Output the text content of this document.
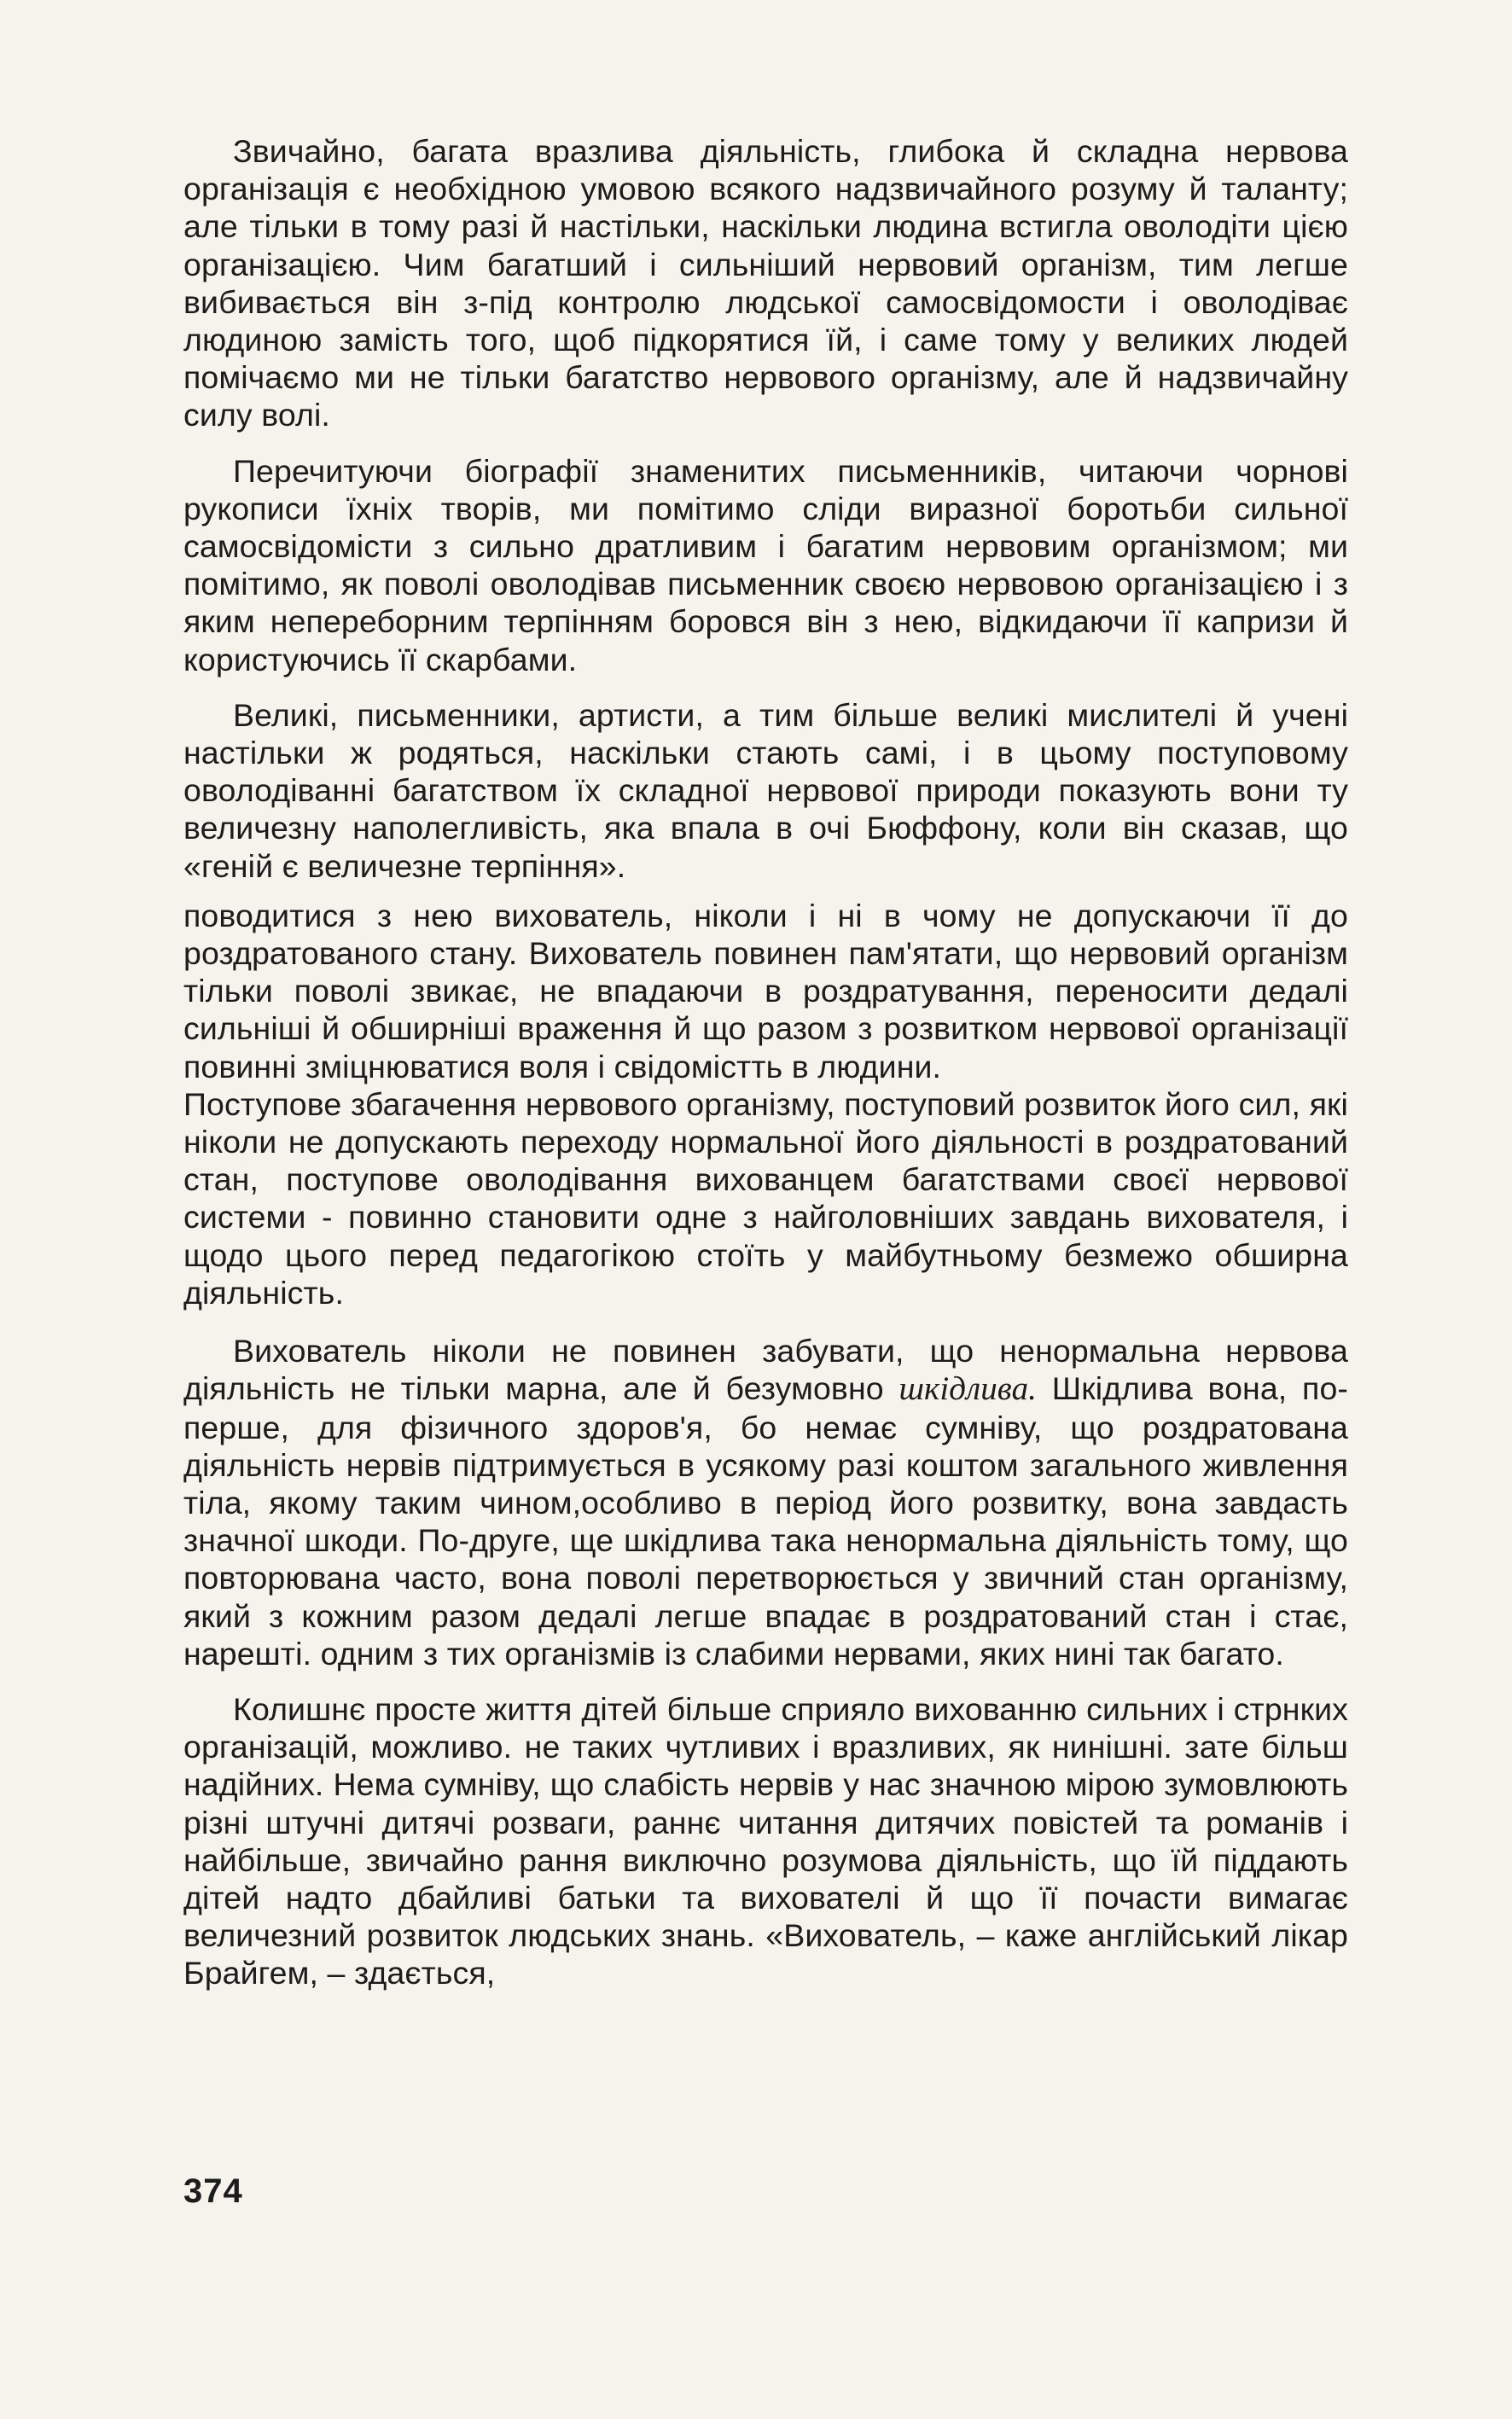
Звичайно, багата вразлива діяльність, глибока й складна нервова організація є необхідною умовою всякого надзвичайного розуму й таланту; але тільки в тому разі й настільки, наскільки людина встигла оволодіти цією організацією. Чим багатший і сильніший нервовий організм, тим легше вибивається він з-під контролю людської самосвідомости і оволодіває людиною замість того, щоб підкорятися їй, і саме тому у великих людей помічаємо ми не тільки багатство нервового організму, але й надзвичайну силу волі.

Перечитуючи біографії знаменитих письменників, читаючи чорнові рукописи їхніх творів, ми помітимо сліди виразної боротьби сильної самосвідомісти з сильно дратливим і багатим нервовим організмом; ми помітимо, як поволі оволодівав письменник своєю нервовою організацією і з яким непереборним терпінням боровся він з нею, відкидаючи її капризи й користуючись її скарбами.

Великі, письменники, артисти, а тим більше великі мислителі й учені настільки ж родяться, наскільки стають самі, і в цьому поступовому оволодіванні багатством їх складної нервової природи показують вони ту величезну наполегливість, яка впала в очі Бюффону, коли він сказав, що «геній є величезне терпіння».

поводитися з нею вихователь, ніколи і ні в чому не допускаючи її до роздратованого стану. Вихователь повинен пам'ятати, що нервовий організм тільки поволі звикає, не впадаючи в роздратування, переносити дедалі сильніші й обширніші враження й що разом з розвитком нервової організації повинні зміцнюватися воля і свідомістть в людини.

Поступове збагачення нервового організму, поступовий розвиток його сил, які ніколи не допускають переходу нормальної його діяльності в роздратований стан, поступове оволодівання вихованцем багатствами своєї нервової системи - повинно становити одне з найголовніших завдань вихователя, і щодо цього перед педагогікою стоїть у майбутньому безмежо обширна діяльність.

Вихователь ніколи не повинен забувати, що ненормальна нервова діяльність не тільки марна, але й безумовно шкідлива. Шкідлива вона, по-перше, для фізичного здоров'я, бо немає сумніву, що роздратована діяльність нервів підтримується в усякому разі коштом загального живлення тіла, якому таким чином,особливо в період його розвитку, вона завдасть значної шкоди. По-друге, ще шкідлива така ненормальна діяльність тому, що повторювана часто, вона поволі перетворюється у звичний стан організму, який з кожним разом дедалі легше впадає в роздратований стан і стає, нарешті. одним з тих організмів із слабими нервами, яких нині так багато.

Колишнє просте життя дітей більше сприяло вихованню сильних і стрнких організацій, можливо. не таких чутливих і вразливих, як нинішні. зате більш надійних. Нема сумніву, що слабість нервів у нас значною мірою зумовлюють різні штучні дитячі розваги, раннє читання дитячих повістей та романів і найбільше, звичайно рання виключно розумова діяльність, що їй піддають дітей надто дбайливі батьки та вихователі й що її почасти вимагає величезний розвиток людських знань. «Вихователь, – каже англійський лікар Брайгем, – здається,

374
